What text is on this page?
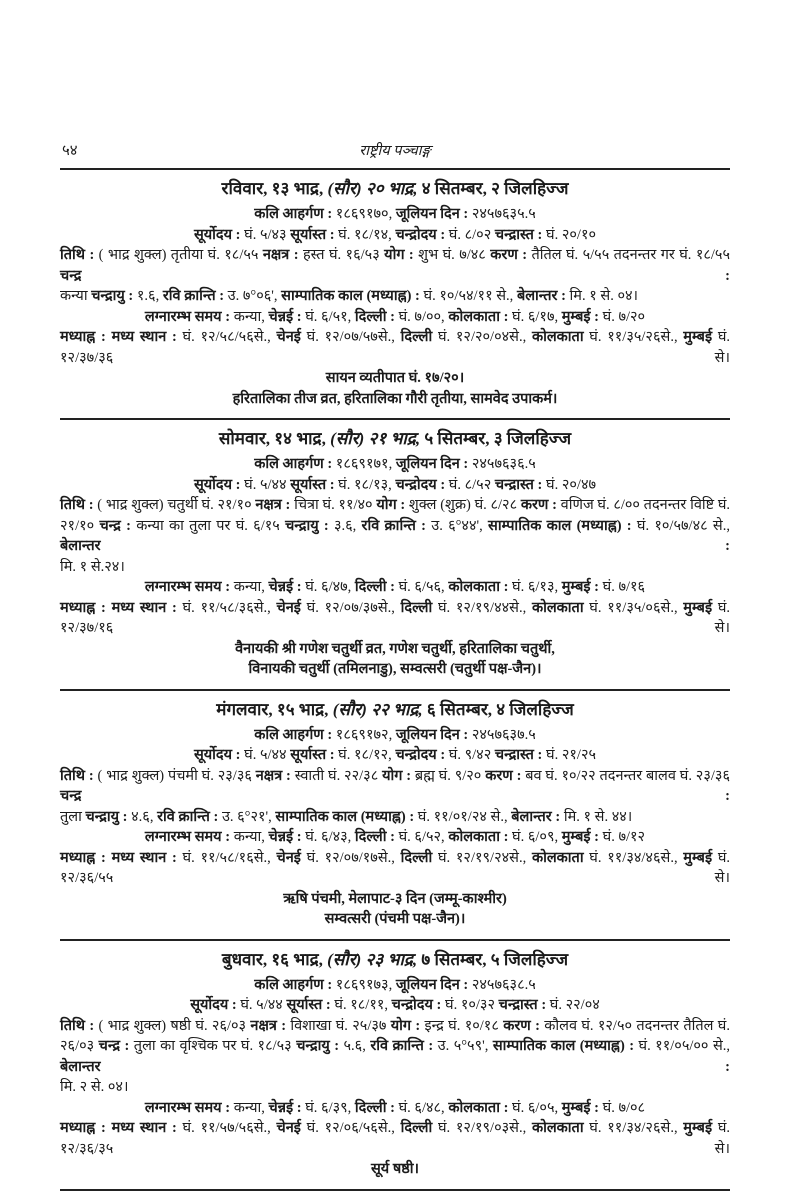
५४	राष्ट्रीय पञ्चाङ्ग
रविवार, १३ भाद्र, (सौर) २० भाद्र, ४ सितम्बर, २ जिलहिज्ज
कलि आहर्गण : १८६९१७०, जूलियन दिन : २४५७६३५.५
सूर्योदय : घं. ५/४३ सूर्यास्त : घं. १८/१४, चन्द्रोदय : घं. ८/०२ चन्द्रास्त : घं. २०/१०
तिथि : ( भाद्र शुक्ल) तृतीया घं. १८/५५ नक्षत्र : हस्त घं. १६/५३ योग : शुभ घं. ७/४८ करण : तैतिल घं. ५/५५ तदनन्तर गर घं. १८/५५ चन्द्र :
कन्या चन्द्रायु : १.६, रवि क्रान्ति : उ. ७°०६', साम्पातिक काल (मध्याह्न) : घं. १०/५४/११ से., बेलान्तर : मि. १ से. ०४।
लग्नारम्भ समय : कन्या, चेन्नई : घं. ६/५१, दिल्ली : घं. ७/००, कोलकाता : घं. ६/१७, मुम्बई : घं. ७/२०
मध्याह्न : मध्य स्थान : घं. १२/५८/५६से., चेनई घं. १२/०७/५७से., दिल्ली घं. १२/२०/०४से., कोलकाता घं. ११/३५/२६से., मुम्बई घं. १२/३७/३६ से।
सायन व्यतीपात घं. १७/२०।
हरितालिका तीज व्रत, हरितालिका गौरी तृतीया, सामवेद उपाकर्म।
सोमवार, १४ भाद्र, (सौर) २१ भाद्र, ५ सितम्बर, ३ जिलहिज्ज
कलि आहर्गण : १८६९१७१, जूलियन दिन : २४५७६३६.५
सूर्योदय : घं. ५/४४ सूर्यास्त : घं. १८/१३, चन्द्रोदय : घं. ८/५२ चन्द्रास्त : घं. २०/४७
तिथि : ( भाद्र शुक्ल) चतुर्थी घं. २१/१० नक्षत्र : चित्रा घं. ११/४० योग : शुक्ल (शुक्र) घं. ८/२८ करण : वणिज घं. ८/०० तदनन्तर विष्टि घं.
२१/१० चन्द्र : कन्या का तुला पर घं. ६/१५ चन्द्रायु : ३.६, रवि क्रान्ति : उ. ६°४४', साम्पातिक काल (मध्याह्न) : घं. १०/५७/४८ से., बेलान्तर :
मि. १ से.२४।
लग्नारम्भ समय : कन्या, चेन्नई : घं. ६/४७, दिल्ली : घं. ६/५६, कोलकाता : घं. ६/१३, मुम्बई : घं. ७/१६
मध्याह्न : मध्य स्थान : घं. ११/५८/३६से., चेनई घं. १२/०७/३७से., दिल्ली घं. १२/१९/४४से., कोलकाता घं. ११/३५/०६से., मुम्बई घं. १२/३७/१६ से।
वैनायकी श्री गणेश चतुर्थी व्रत, गणेश चतुर्थी, हरितालिका चतुर्थी,
विनायकी चतुर्थी (तमिलनाडु), सम्वत्सरी (चतुर्थी पक्ष-जैन)।
मंगलवार, १५ भाद्र, (सौर) २२ भाद्र, ६ सितम्बर, ४ जिलहिज्ज
कलि आहर्गण : १८६९१७२, जूलियन दिन : २४५७६३७.५
सूर्योदय : घं. ५/४४ सूर्यास्त : घं. १८/१२, चन्द्रोदय : घं. ९/४२ चन्द्रास्त : घं. २१/२५
तिथि : ( भाद्र शुक्ल) पंचमी घं. २३/३६ नक्षत्र : स्वाती घं. २२/३८ योग : ब्रह्म घं. ९/२० करण : बव घं. १०/२२ तदनन्तर बालव घं. २३/३६ चन्द्र :
तुला चन्द्रायु : ४.६, रवि क्रान्ति : उ. ६°२१', साम्पातिक काल (मध्याह्न) : घं. ११/०१/२४ से., बेलान्तर : मि. १ से. ४४।
लग्नारम्भ समय : कन्या, चेन्नई : घं. ६/४३, दिल्ली : घं. ६/५२, कोलकाता : घं. ६/०९, मुम्बई : घं. ७/१२
मध्याह्न : मध्य स्थान : घं. ११/५८/१६से., चेनई घं. १२/०७/१७से., दिल्ली घं. १२/१९/२४से., कोलकाता घं. ११/३४/४६से., मुम्बई घं. १२/३६/५५ से।
ऋषि पंचमी, मेलापाट-३ दिन (जम्मू-काश्मीर)
सम्वत्सरी (पंचमी पक्ष-जैन)।
बुधवार, १६ भाद्र, (सौर) २३ भाद्र, ७ सितम्बर, ५ जिलहिज्ज
कलि आहर्गण : १८६९१७३, जूलियन दिन : २४५७६३८.५
सूर्योदय : घं. ५/४४ सूर्यास्त : घं. १८/११, चन्द्रोदय : घं. १०/३२ चन्द्रास्त : घं. २२/०४
तिथि : ( भाद्र शुक्ल) षष्ठी घं. २६/०३ नक्षत्र : विशाखा घं. २५/३७ योग : इन्द्र घं. १०/१८ करण : कौलव घं. १२/५० तदनन्तर तैतिल घं.
२६/०३ चन्द्र : तुला का वृश्चिक पर घं. १८/५३ चन्द्रायु : ५.६, रवि क्रान्ति : उ. ५°५९', साम्पातिक काल (मध्याह्न) : घं. ११/०५/०० से., बेलान्तर :
मि. २ से. ०४।
लग्नारम्भ समय : कन्या, चेन्नई : घं. ६/३९, दिल्ली : घं. ६/४८, कोलकाता : घं. ६/०५, मुम्बई : घं. ७/०८
मध्याह्न : मध्य स्थान : घं. ११/५७/५६से., चेनई घं. १२/०६/५६से., दिल्ली घं. १२/१९/०३से., कोलकाता घं. ११/३४/२६से., मुम्बई घं. १२/३६/३५ से।
सूर्य षष्ठी।
